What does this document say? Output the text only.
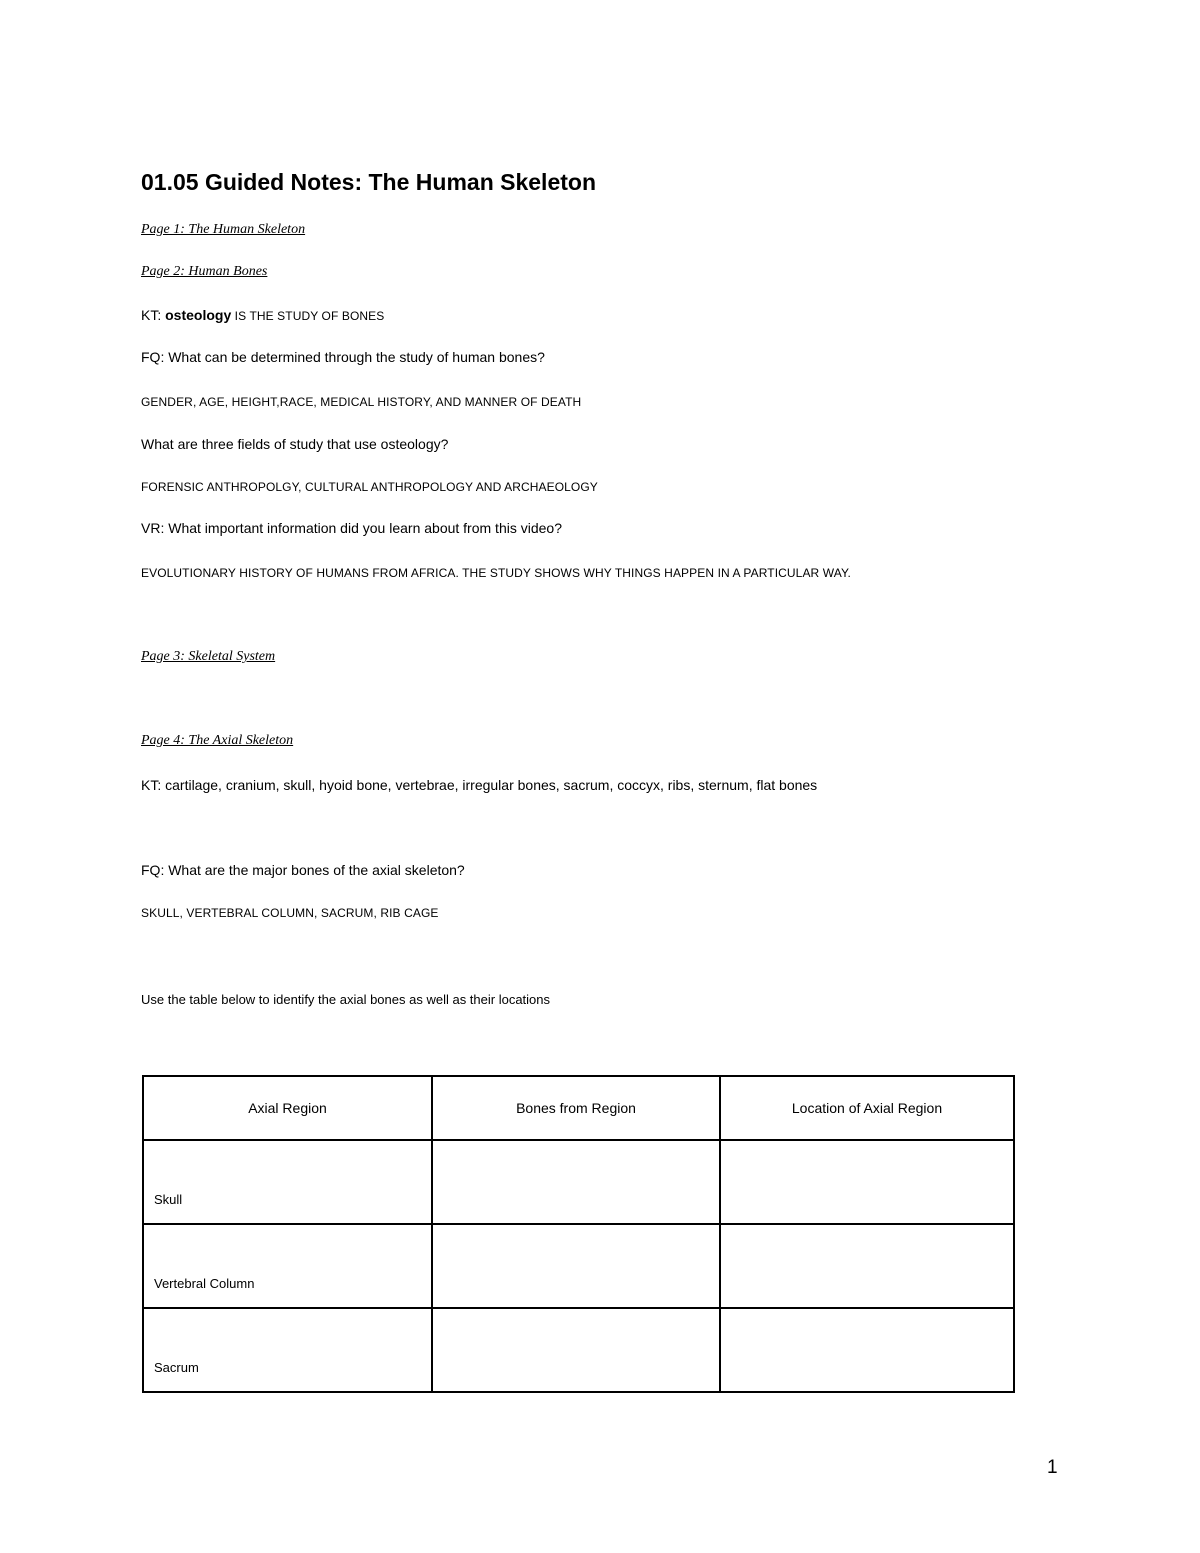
01.05 Guided Notes: The Human Skeleton
Page 1: The Human Skeleton
Page 2: Human Bones
KT: osteology IS THE STUDY OF BONES
FQ: What can be determined through the study of human bones?
GENDER, AGE, HEIGHT,RACE, MEDICAL HISTORY, AND MANNER OF DEATH
What are three fields of study that use osteology?
FORENSIC ANTHROPOLGY, CULTURAL ANTHROPOLOGY AND ARCHAEOLOGY
VR: What important information did you learn about from this video?
EVOLUTIONARY HISTORY OF HUMANS FROM AFRICA. THE STUDY SHOWS WHY THINGS HAPPEN IN A PARTICULAR WAY.
Page 3: Skeletal System
Page 4: The Axial Skeleton
KT: cartilage, cranium, skull, hyoid bone, vertebrae, irregular bones, sacrum, coccyx, ribs, sternum, flat bones
FQ: What are the major bones of the axial skeleton?
SKULL, VERTEBRAL COLUMN, SACRUM, RIB CAGE
Use the table below to identify the axial bones as well as their locations
Axial Region	Bones from Region	Location of Axial Region
Skull		
Vertebral Column		
Sacrum		
1
